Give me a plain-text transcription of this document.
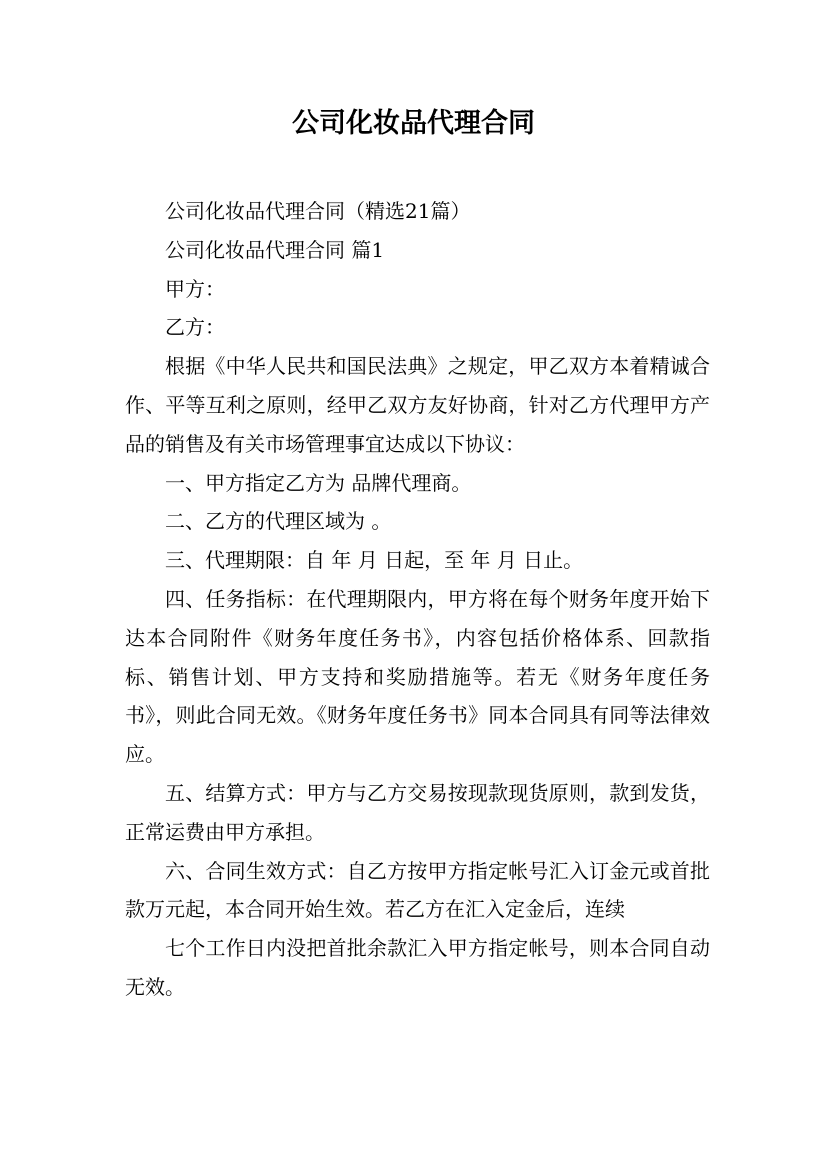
公司化妆品代理合同

公司化妆品代理合同（精选21篇）

公司化妆品代理合同 篇1

甲方：

乙方：

根据《中华人民共和国民法典》之规定，甲乙双方本着精诚合作、平等互利之原则，经甲乙双方友好协商，针对乙方代理甲方产品的销售及有关市场管理事宜达成以下协议：

一、甲方指定乙方为 品牌代理商。

二、乙方的代理区域为 。

三、代理期限：自 年 月 日起，至 年 月 日止。

四、任务指标：在代理期限内，甲方将在每个财务年度开始下达本合同附件《财务年度任务书》，内容包括价格体系、回款指标、销售计划、甲方支持和奖励措施等。若无《财务年度任务书》，则此合同无效。《财务年度任务书》同本合同具有同等法律效应。

五、结算方式：甲方与乙方交易按现款现货原则，款到发货，正常运费由甲方承担。

六、合同生效方式：自乙方按甲方指定帐号汇入订金元或首批款万元起，本合同开始生效。若乙方在汇入定金后，连续

七个工作日内没把首批余款汇入甲方指定帐号，则本合同自动无效。
